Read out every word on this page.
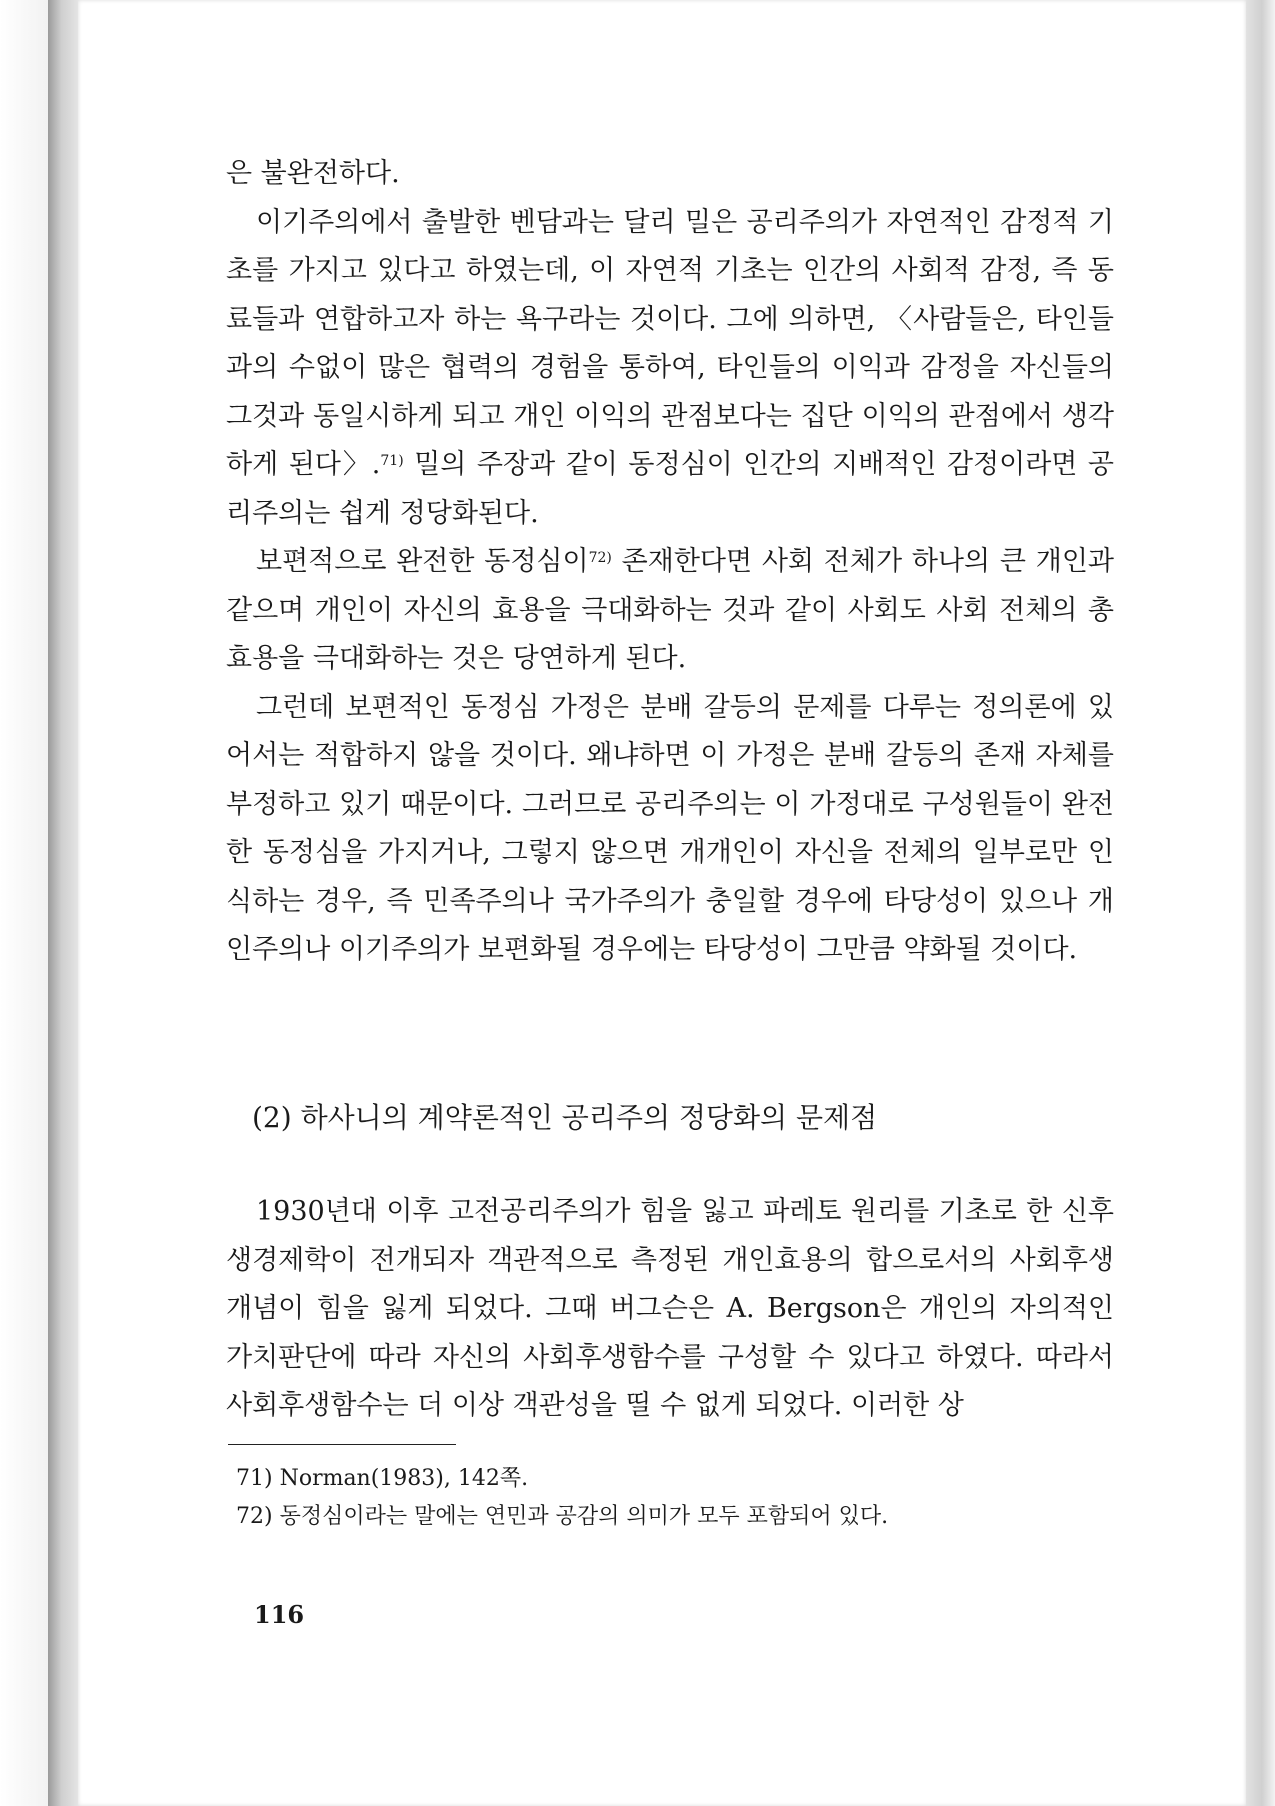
은 불완전하다.

이기주의에서 출발한 벤담과는 달리 밀은 공리주의가 자연적인 감정적 기초를 가지고 있다고 하였는데, 이 자연적 기초는 인간의 사회적 감정, 즉 동료들과 연합하고자 하는 욕구라는 것이다. 그에 의하면, 〈사람들은, 타인들과의 수없이 많은 협력의 경험을 통하여, 타인들의 이익과 감정을 자신들의 그것과 동일시하게 되고 개인 이익의 관점보다는 집단 이익의 관점에서 생각하게 된다〉.$^{71)}$ 밀의 주장과 같이 동정심이 인간의 지배적인 감정이라면 공리주의는 쉽게 정당화된다.

보편적으로 완전한 동정심이$^{72)}$ 존재한다면 사회 전체가 하나의 큰 개인과 같으며 개인이 자신의 효용을 극대화하는 것과 같이 사회도 사회 전체의 총효용을 극대화하는 것은 당연하게 된다.

그런데 보편적인 동정심 가정은 분배 갈등의 문제를 다루는 정의론에 있어서는 적합하지 않을 것이다. 왜냐하면 이 가정은 분배 갈등의 존재 자체를 부정하고 있기 때문이다. 그러므로 공리주의는 이 가정대로 구성원들이 완전한 동정심을 가지거나, 그렇지 않으면 개개인이 자신을 전체의 일부로만 인식하는 경우, 즉 민족주의나 국가주의가 충일할 경우에 타당성이 있으나 개인주의나 이기주의가 보편화될 경우에는 타당성이 그만큼 약화될 것이다.

(2) 하사니의 계약론적인 공리주의 정당화의 문제점

1930년대 이후 고전공리주의가 힘을 잃고 파레토 원리를 기초로 한 신후생경제학이 전개되자 객관적으로 측정된 개인효용의 합으로서의 사회후생 개념이 힘을 잃게 되었다. 그때 버그슨은 A. Bergson은 개인의 자의적인 가치판단에 따라 자신의 사회후생함수를 구성할 수 있다고 하였다. 따라서 사회후생함수는 더 이상 객관성을 띨 수 없게 되었다. 이러한 상

71) Norman(1983), 142쪽.
72) 동정심이라는 말에는 연민과 공감의 의미가 모두 포함되어 있다.
116
